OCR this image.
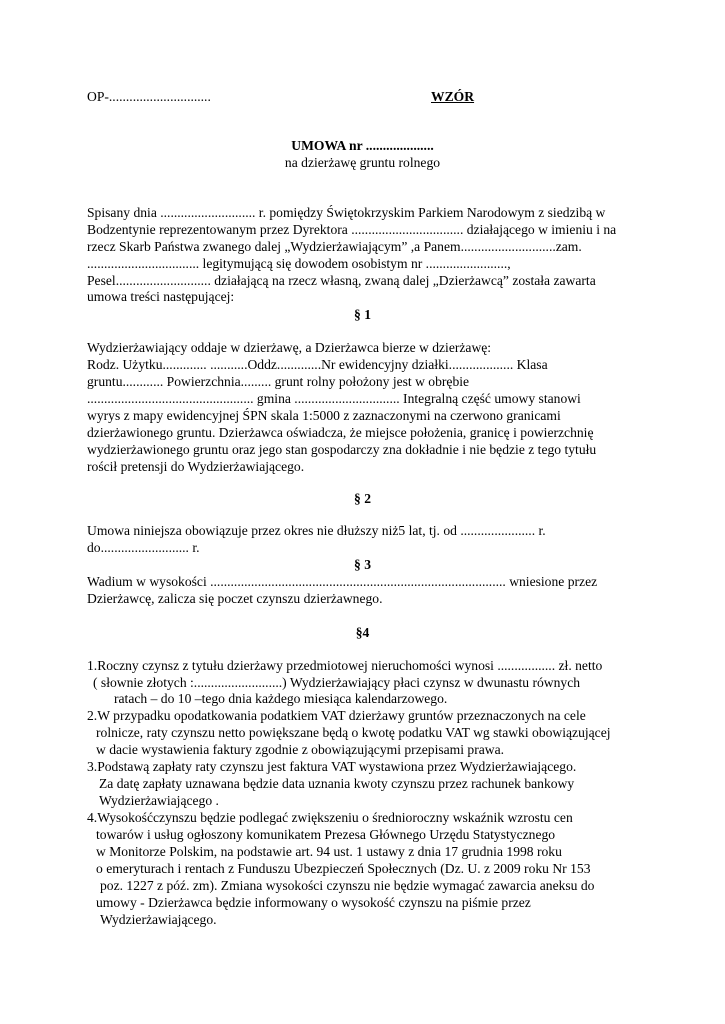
OP-..............................	WZÓR
UMOWA nr ....................
na dzierżawę gruntu rolnego
Spisany dnia ............................ r. pomiędzy Świętokrzyskim Parkiem Narodowym z siedzibą w
Bodzentynie reprezentowanym przez Dyrektora ................................. działającego w imieniu i na
rzecz Skarb Państwa zwanego dalej „Wydzierżawiającym” ,a Panem............................zam.
................................. legitymującą się dowodem osobistym nr ........................,
Pesel............................ działającą na rzecz własną, zwaną dalej „Dzierżawcą” została zawarta
umowa treści następującej:
§ 1
Wydzierżawiający oddaje w dzierżawę, a Dzierżawca bierze w dzierżawę:
Rodz. Użytku............. ...........Oddz.............Nr ewidencyjny działki................... Klasa
gruntu............ Powierzchnia......... grunt rolny położony jest w obrębie
................................................. gmina ............................... Integralną część umowy stanowi
wyrys z mapy ewidencyjnej ŚPN skala 1:5000 z zaznaczonymi na czerwono granicami
dzierżawionego gruntu. Dzierżawca oświadcza, że miejsce położenia, granicę i powierzchnię
wydzierżawionego gruntu oraz jego stan gospodarczy zna dokładnie i nie będzie z tego tytułu
rościł pretensji do Wydzierżawiającego.
§ 2
Umowa niniejsza obowiązuje przez okres nie dłuższy niż5 lat, tj. od ...................... r.
do.......................... r.
§ 3
Wadium w wysokości ....................................................................................... wniesione przez
Dzierżawcę, zalicza się poczet czynszu dzierżawnego.
§4
1.Roczny czynsz z tytułu dzierżawy przedmiotowej nieruchomości wynosi ................. zł. netto
( słownie złotych :..........................) Wydzierżawiający płaci czynsz w dwunastu równych
ratach – do 10 –tego dnia każdego miesiąca kalendarzowego.
2.W przypadku opodatkowania podatkiem VAT dzierżawy gruntów przeznaczonych na cele
rolnicze, raty czynszu netto powiększane będą o kwotę podatku VAT wg stawki obowiązującej
w dacie wystawienia faktury zgodnie z obowiązującymi przepisami prawa.
3.Podstawą zapłaty raty czynszu jest faktura VAT wystawiona przez Wydzierżawiającego.
Za datę zapłaty uznawana będzie data uznania kwoty czynszu przez rachunek bankowy
Wydzierżawiającego .
4.Wysokośćczynszu będzie podlegać zwiększeniu o średnioroczny wskaźnik wzrostu cen
towarów i usług ogłoszony komunikatem Prezesa Głównego Urzędu Statystycznego
w Monitorze Polskim, na podstawie art. 94 ust. 1 ustawy z dnia 17 grudnia 1998 roku
o emeryturach i rentach z Funduszu Ubezpieczeń Społecznych (Dz. U. z 2009 roku Nr 153
poz. 1227 z póź. zm). Zmiana wysokości czynszu nie będzie wymagać zawarcia aneksu do
umowy - Dzierżawca będzie informowany o wysokość czynszu na piśmie przez
Wydzierżawiającego.
